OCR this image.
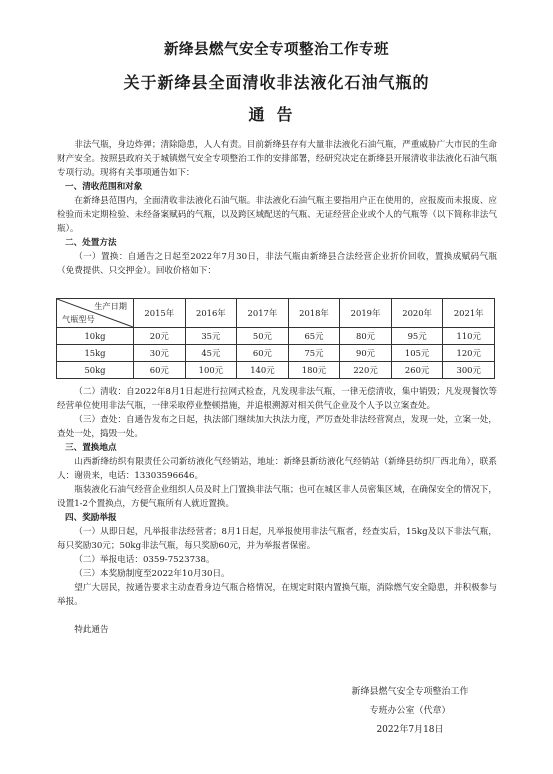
新绛县燃气安全专项整治工作专班
关于新绛县全面清收非法液化石油气瓶的
通告

非法气瓶，身边炸弹；清除隐患，人人有责。目前新绛县存有大量非法液化石油气瓶，严重威胁广大市民的生命财产安全。按照县政府关于城镇燃气安全专项整治工作的安排部署，经研究决定在新绛县开展清收非法液化石油气瓶专项行动。现将有关事项通告如下：

一、清收范围和对象

在新绛县范围内，全面清收非法液化石油气瓶。非法液化石油气瓶主要指用户正在使用的，应报废而未报废、应检验而未定期检验、未经备案赋码的气瓶，以及跨区域配送的气瓶、无证经营企业或个人的气瓶等（以下简称非法气瓶）。

二、处置方法

（一）置换：自通告之日起至2022年7月30日，非法气瓶由新绛县合法经营企业折价回收，置换成赋码气瓶（免费提供、只交押金）。回收价格如下：

生产日期
气瓶型号	2015年	2016年	2017年	2018年	2019年	2020年	2021年
10kg	20元	35元	50元	65元	80元	95元	110元
15kg	30元	45元	60元	75元	90元	105元	120元
50kg	60元	100元	140元	180元	220元	260元	300元

（二）清收：自2022年8月1日起进行拉网式检查，凡发现非法气瓶，一律无偿清收，集中销毁；凡发现餐饮等经营单位使用非法气瓶，一律采取停业整顿措施，并追根溯源对相关供气企业及个人予以立案查处。

（三）查处：自通告发布之日起，执法部门继续加大执法力度，严厉查处非法经营窝点，发现一处，立案一处，查处一处，捣毁一处。

三、置换地点

山西新绛纺织有限责任公司新纺液化气经销站，地址：新绛县新纺液化气经销站（新绛县纺织厂西北角），联系人：谢贵来，电话：13303596646。

瓶装液化石油气经营企业组织人员及时上门置换非法气瓶；也可在城区非人员密集区域，在确保安全的情况下，设置1-2个置换点，方便气瓶所有人就近置换。

四、奖励举报

（一）从即日起，凡举报非法经营者；8月1日起，凡举报使用非法气瓶者，经查实后，15kg及以下非法气瓶，每只奖励30元；50kg非法气瓶，每只奖励60元，并为举报者保密。

（二）举报电话：0359-7523738。

（三）本奖励制度至2022年10月30日。

望广大居民，按通告要求主动查看身边气瓶合格情况，在规定时限内置换气瓶，消除燃气安全隐患，并积极参与举报。

特此通告

新绛县燃气安全专项整治工作
专班办公室（代章）
2022年7月18日
